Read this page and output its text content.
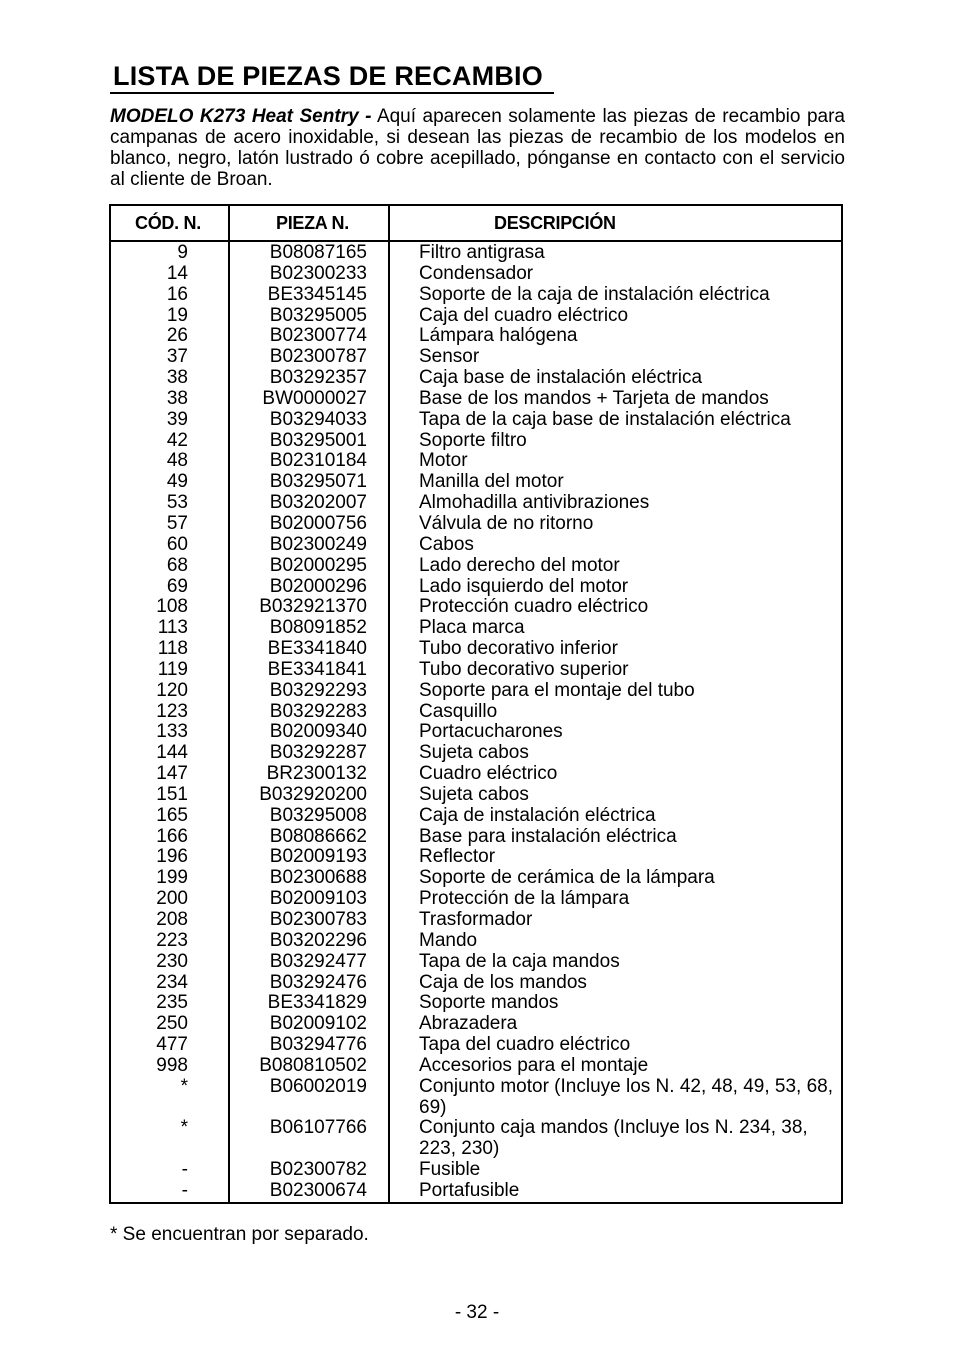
LISTA DE PIEZAS DE RECAMBIO
MODELO K273 Heat Sentry - Aquí aparecen solamente las piezas de recambio para campanas de acero inoxidable, si desean las piezas de recambio de los modelos en blanco, negro, latón lustrado ó cobre acepillado, pónganse en contacto con el servicio al cliente de Broan.
CÓD. N.	PIEZA N.	DESCRIPCIÓN
9	B08087165	Filtro antigrasa
14	B02300233	Condensador
16	BE3345145	Soporte de la caja de instalación eléctrica
19	B03295005	Caja del cuadro eléctrico
26	B02300774	Lámpara halógena
37	B02300787	Sensor
38	B03292357	Caja base de instalación eléctrica
38	BW0000027	Base de los mandos + Tarjeta de mandos
39	B03294033	Tapa de la caja base de instalación eléctrica
42	B03295001	Soporte filtro
48	B02310184	Motor
49	B03295071	Manilla del motor
53	B03202007	Almohadilla antivibraziones
57	B02000756	Válvula de no ritorno
60	B02300249	Cabos
68	B02000295	Lado derecho del motor
69	B02000296	Lado isquierdo del motor
108	B032921370	Protección cuadro eléctrico
113	B08091852	Placa marca
118	BE3341840	Tubo decorativo inferior
119	BE3341841	Tubo decorativo superior
120	B03292293	Soporte para el montaje del tubo
123	B03292283	Casquillo
133	B02009340	Portacucharones
144	B03292287	Sujeta cabos
147	BR2300132	Cuadro eléctrico
151	B032920200	Sujeta cabos
165	B03295008	Caja de instalación eléctrica
166	B08086662	Base para instalación eléctrica
196	B02009193	Reflector
199	B02300688	Soporte de cerámica de la lámpara
200	B02009103	Protección de la lámpara
208	B02300783	Trasformador
223	B03202296	Mando
230	B03292477	Tapa de la caja mandos
234	B03292476	Caja de los mandos
235	BE3341829	Soporte mandos
250	B02009102	Abrazadera
477	B03294776	Tapa del cuadro eléctrico
998	B080810502	Accesorios para el montaje
*	B06002019	Conjunto motor (Incluye los N. 42, 48, 49, 53, 68, 69)
*	B06107766	Conjunto caja mandos (Incluye los N. 234, 38, 223, 230)
-	B02300782	Fusible
-	B02300674	Portafusible
* Se encuentran por separado.
- 32 -
